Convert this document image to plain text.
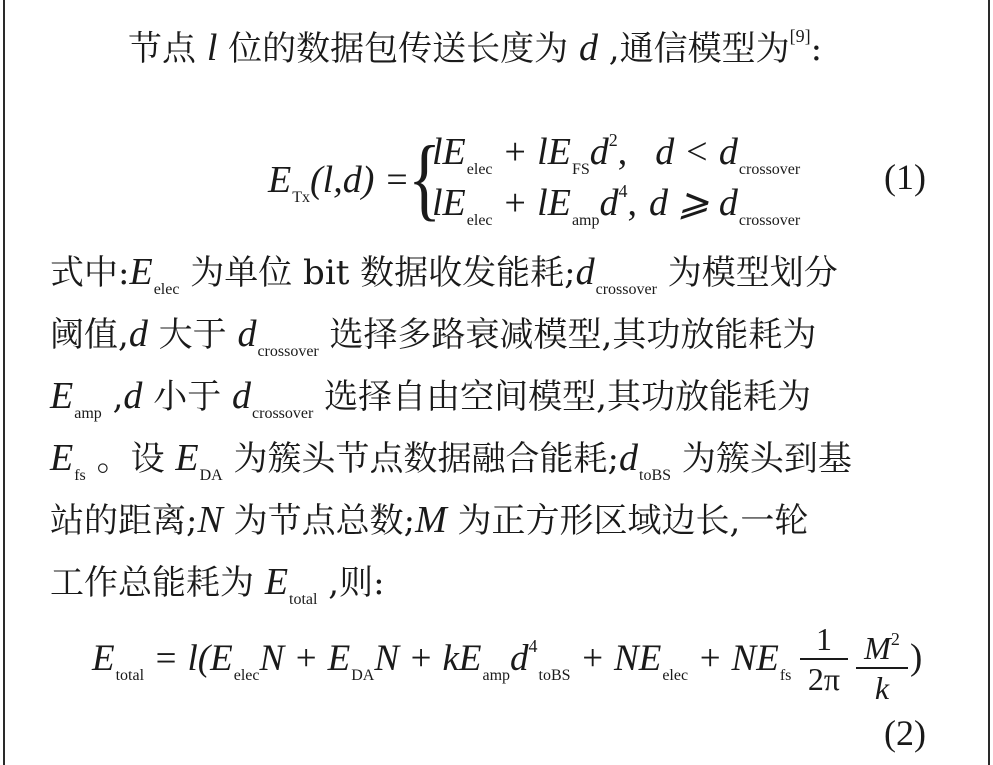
节点 l 位的数据包传送长度为 d ,通信模型为[9]:
$E_{Tx}(l,d)$ =
{
$lE_{elec} + lE_{FS}d^2$, $d < d_{crossover}$
$lE_{elec} + lE_{amp}d^4$, d ⩾ $d_{crossover}$
(1)
式中$:E_{elec}$ 为单位 bit 数据收发能耗$;d_{crossover}$ 为模型划分
阈值,d 大于 $d_{crossover}$ 选择多路衰减模型,其功放能耗为
$E_{amp}$ ,d 小于 $d_{crossover}$ 选择自由空间模型,其功放能耗为
$E_{fs}$ 。设 $E_{DA}$ 为簇头节点数据融合能耗$;d_{toBS}$ 为簇头到基
站的距离;N 为节点总数;M 为正方形区域边长,一轮
工作总能耗为 $E_{total}$ ,则:
$E_{total} = l(E_{elec}N + E_{DA}N + kE_{amp}d^4_{toBS} + NE_{elec} + NE_{fs}$
1
2π
$M^2$
k
)
(2)
